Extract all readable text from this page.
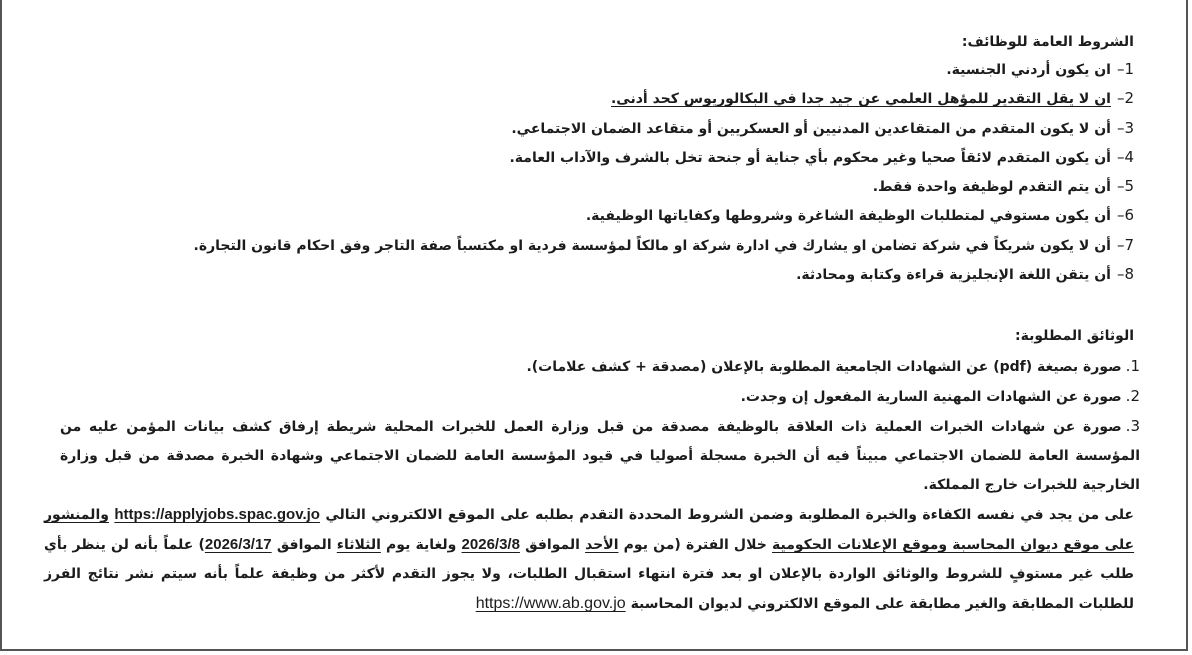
الشروط العامة للوظائف:
1–ان يكون أردني الجنسية.
2–ان لا يقل التقدير للمؤهل العلمي عن جيد جدا في البكالوريوس كحد أدنى.
3–أن لا يكون المتقدم من المتقاعدين المدنيين أو العسكريين أو متقاعد الضمان الاجتماعي.
4–أن يكون المتقدم لائقاً صحيا وغير محكوم بأي جناية أو جنحة تخل بالشرف والآداب العامة.
5–أن يتم التقدم لوظيفة واحدة فقط.
6–أن يكون مستوفي لمتطلبات الوظيفة الشاغرة وشروطها وكفاياتها الوظيفية.
7–أن لا يكون شريكاً في شركة تضامن او يشارك في ادارة شركة او مالكاً لمؤسسة فردية او مكتسباً صفة التاجر وفق احكام قانون التجارة.
8–أن يتقن اللغة الإنجليزية قراءة وكتابة ومحادثة.
الوثائق المطلوبة:
1.صورة بصيغة (pdf) عن الشهادات الجامعية المطلوبة بالإعلان (مصدقة + كشف علامات).
2.صورة عن الشهادات المهنية السارية المفعول إن وجدت.
3.صورة عن شهادات الخبرات العملية ذات العلاقة بالوظيفة مصدقة من قبل وزارة العمل للخبرات المحلية شريطة إرفاق كشف بيانات المؤمن عليه من المؤسسة العامة للضمان الاجتماعي مبيناً فيه أن الخبرة مسجلة أصوليا في قيود المؤسسة العامة للضمان الاجتماعي وشهادة الخبرة مصدقة من قبل وزارة الخارجية للخبرات خارج المملكة.
على من يجد في نفسه الكفاءة والخبرة المطلوبة وضمن الشروط المحددة التقدم بطلبه على الموقع الالكتروني التالي https://applyjobs.spac.gov.jo والمنشور على موقع ديوان المحاسبة وموقع الإعلانات الحكومية خلال الفترة (من يوم الأحد الموافق 2026/3/8 ولغاية يوم الثلاثاء الموافق 2026/3/17) علماً بأنه لن ينظر بأي طلب غير مستوفٍ للشروط والوثائق الواردة بالإعلان او بعد فترة انتهاء استقبال الطلبات، ولا يجوز التقدم لأكثر من وظيفة علماً بأنه سيتم نشر نتائج الفرز للطلبات المطابقة والغير مطابقة على الموقع الالكتروني لديوان المحاسبة https://www.ab.gov.jo
